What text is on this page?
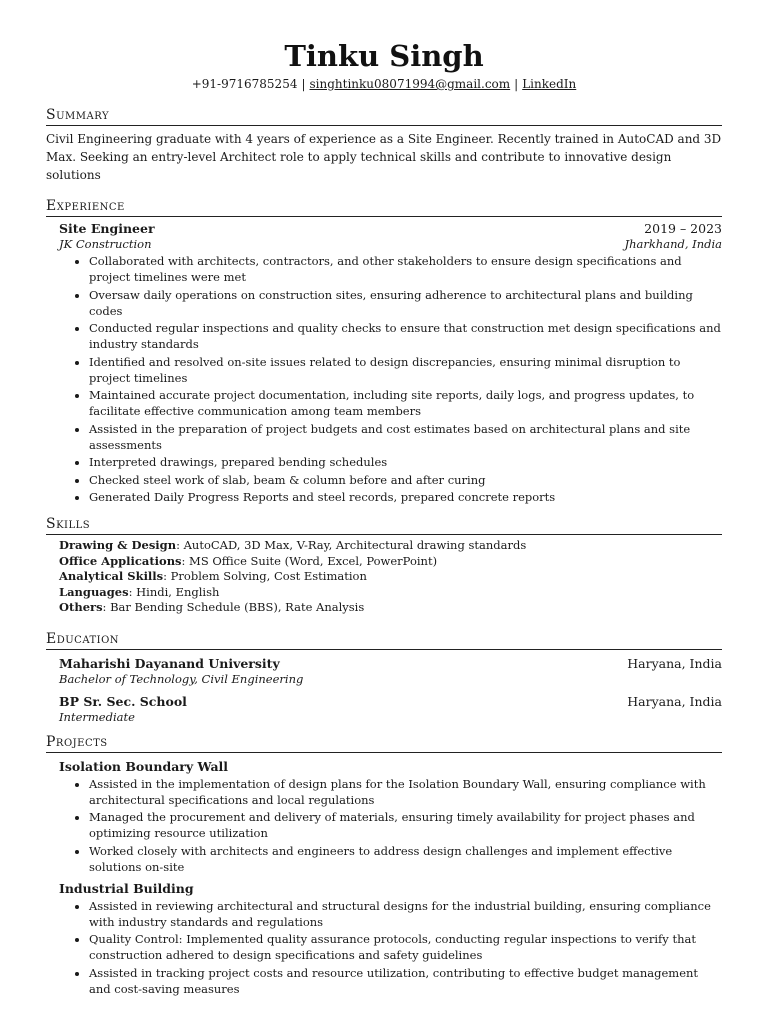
Tinku Singh
+91-9716785254 | singhtinku08071994@gmail.com | LinkedIn
Summary
Civil Engineering graduate with 4 years of experience as a Site Engineer. Recently trained in AutoCAD and 3D Max. Seeking an entry-level Architect role to apply technical skills and contribute to innovative design solutions
Experience
Site Engineer	2019 – 2023
JK Construction	Jharkhand, India
• Collaborated with architects, contractors, and other stakeholders to ensure design specifications and project timelines were met
• Oversaw daily operations on construction sites, ensuring adherence to architectural plans and building codes
• Conducted regular inspections and quality checks to ensure that construction met design specifications and industry standards
• Identified and resolved on-site issues related to design discrepancies, ensuring minimal disruption to project timelines
• Maintained accurate project documentation, including site reports, daily logs, and progress updates, to facilitate effective communication among team members
• Assisted in the preparation of project budgets and cost estimates based on architectural plans and site assessments
• Interpreted drawings, prepared bending schedules
• Checked steel work of slab, beam & column before and after curing
• Generated Daily Progress Reports and steel records, prepared concrete reports
Skills
Drawing & Design: AutoCAD, 3D Max, V-Ray, Architectural drawing standards
Office Applications: MS Office Suite (Word, Excel, PowerPoint)
Analytical Skills: Problem Solving, Cost Estimation
Languages: Hindi, English
Others: Bar Bending Schedule (BBS), Rate Analysis
Education
Maharishi Dayanand University	Haryana, India
Bachelor of Technology, Civil Engineering
BP Sr. Sec. School	Haryana, India
Intermediate
Projects
Isolation Boundary Wall
• Assisted in the implementation of design plans for the Isolation Boundary Wall, ensuring compliance with architectural specifications and local regulations
• Managed the procurement and delivery of materials, ensuring timely availability for project phases and optimizing resource utilization
• Worked closely with architects and engineers to address design challenges and implement effective solutions on-site
Industrial Building
• Assisted in reviewing architectural and structural designs for the industrial building, ensuring compliance with industry standards and regulations
• Quality Control: Implemented quality assurance protocols, conducting regular inspections to verify that construction adhered to design specifications and safety guidelines
• Assisted in tracking project costs and resource utilization, contributing to effective budget management and cost-saving measures
